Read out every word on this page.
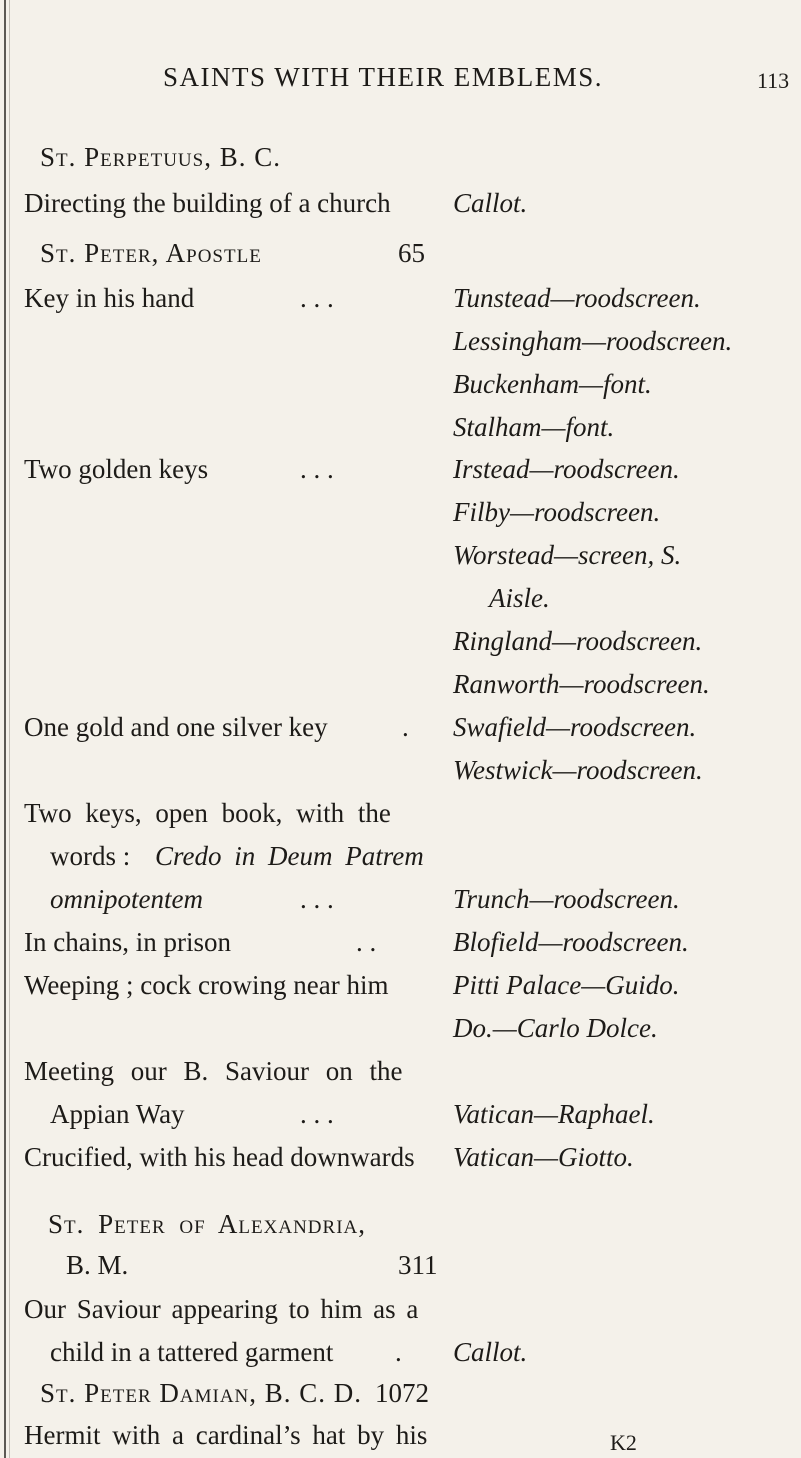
SAINTS WITH THEIR EMBLEMS.	113
St. Perpetuus, B. C.
Directing the building of a church Callot.
St. Peter, Apostle	65
Key in his hand	. . .	Tunstead—roodscreen.
Lessingham—roodscreen.
Buckenham—font.
Stalham—font.
Two golden keys	. . .	Irstead—roodscreen.
Filby—roodscreen.
Worstead—screen, S.
Aisle.
Ringland—roodscreen.
Ranworth—roodscreen.
One gold and one silver key	. Swafield—roodscreen.
Westwick—roodscreen.
Two keys, open book, with the
words : Credo in Deum Patrem
omnipotentem	. . .	Trunch—roodscreen.
In chains, in prison	. .	Blofield—roodscreen.
Weeping ; cock crowing near him Pitti Palace—Guido.
Do.—Carlo Dolce.
Meeting our B. Saviour on the
Appian Way	. . .	Vatican—Raphael.
Crucified, with his head downwards Vatican—Giotto.
St. Peter of Alexandria,
B. M.	311
Our Saviour appearing to him as a
child in a tattered garment . Callot.
St. Peter Damian, B. C. D. 1072
Hermit with a cardinal’s hat by his	K2
